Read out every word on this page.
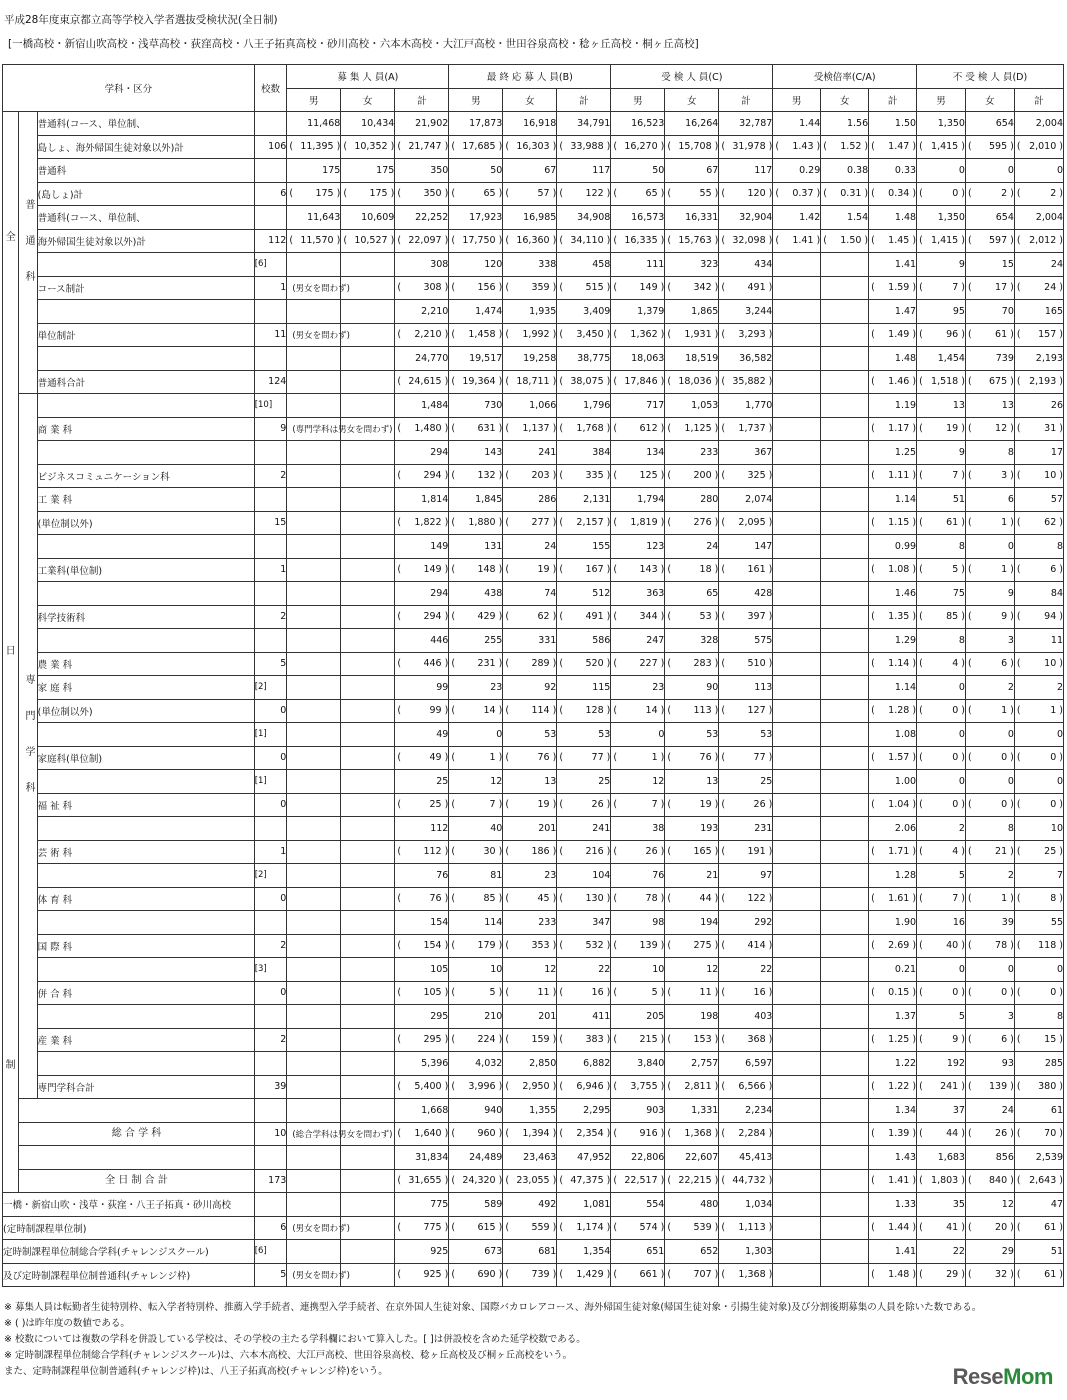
平成28年度東京都立高等学校入学者選抜受検状況(全日制)
[一橋高校・新宿山吹高校・浅草高校・荻窪高校・八王子拓真高校・砂川高校・六本木高校・大江戸高校・世田谷泉高校・稔ヶ丘高校・桐ヶ丘高校]
学科・区分			校数	募 集 人 員(A)			最 終 応 募 人 員(B)			受 検 人 員(C)			受検倍率(C/A)			不 受 検 人 員(D)		
				男	女	計	男	女	計	男	女	計	男	女	計	男	女	計

全
日
制	普通科	普通科(コース、単位制、		11,468	10,434	21,902	17,873	16,918	34,791	16,523	16,264	32,787	1.44	1.56	1.50	1,350	654	2,004
		島しょ、海外帰国生徒対象以外)計	106	( 11,395 )	( 10,352 )	( 21,747 )	( 17,685 )	( 16,303 )	( 33,988 )	( 16,270 )	( 15,708 )	( 31,978 )	( 1.43 )	( 1.52 )	( 1.47 )	( 1,415 )	( 595 )	( 2,010 )
		普通科		175	175	350	50	67	117	50	67	117	0.29	0.38	0.33	0	0	0
		(島しょ)計	6	( 175 )	( 175 )	( 350 )	( 65 )	( 57 )	( 122 )	( 65 )	( 55 )	( 120 )	( 0.37 )	( 0.31 )	( 0.34 )	( 0 )	( 2 )	( 2 )
		普通科(コース、単位制、		11,643	10,609	22,252	17,923	16,985	34,908	16,573	16,331	32,904	1.42	1.54	1.48	1,350	654	2,004
		海外帰国生徒対象以外)計	112	( 11,570 )	( 10,527 )	( 22,097 )	( 17,750 )	( 16,360 )	( 34,110 )	( 16,335 )	( 15,763 )	( 32,098 )	( 1.41 )	( 1.50 )	( 1.45 )	( 1,415 )	( 597 )	( 2,012 )
			[6]			308	120	338	458	111	323	434			1.41	9	15	24
		コース制計	1 (男女を問わず)			( 308 )	( 156 )	( 359 )	( 515 )	( 149 )	( 342 )	( 491 )			( 1.59 )	( 7 )	( 17 )	( 24 )
						2,210	1,474	1,935	3,409	1,379	1,865	3,244			1.47	95	70	165
		単位制計	11 (男女を問わず)			( 2,210 )	( 1,458 )	( 1,992 )	( 3,450 )	( 1,362 )	( 1,931 )	( 3,293 )			( 1.49 )	( 96 )	( 61 )	( 157 )
						24,770	19,517	19,258	38,775	18,063	18,519	36,582			1.48	1,454	739	2,193
		普通科合計	124			( 24,615 )	( 19,364 )	( 18,711 )	( 38,075 )	( 17,846 )	( 18,036 )	( 35,882 )			( 1.46 )	( 1,518 )	( 675 )	( 2,193 )
	専門学科		[10]			1,484	730	1,066	1,796	717	1,053	1,770			1.19	13	13	26
		商 業 科	9 (専門学科は男女を問わず)			( 1,480 )	( 631 )	( 1,137 )	( 1,768 )	( 612 )	( 1,125 )	( 1,737 )			( 1.17 )	( 19 )	( 12 )	( 31 )
						294	143	241	384	134	233	367			1.25	9	8	17
		ビジネスコミュニケーション科	2			( 294 )	( 132 )	( 203 )	( 335 )	( 125 )	( 200 )	( 325 )			( 1.11 )	( 7 )	( 3 )	( 10 )
		工 業 科				1,814	1,845	286	2,131	1,794	280	2,074			1.14	51	6	57
		(単位制以外)	15			( 1,822 )	( 1,880 )	( 277 )	( 2,157 )	( 1,819 )	( 276 )	( 2,095 )			( 1.15 )	( 61 )	( 1 )	( 62 )
						149	131	24	155	123	24	147			0.99	8	0	8
		工業科(単位制)	1			( 149 )	( 148 )	( 19 )	( 167 )	( 143 )	( 18 )	( 161 )			( 1.08 )	( 5 )	( 1 )	( 6 )
						294	438	74	512	363	65	428			1.46	75	9	84
		科学技術科	2			( 294 )	( 429 )	( 62 )	( 491 )	( 344 )	( 53 )	( 397 )			( 1.35 )	( 85 )	( 9 )	( 94 )
						446	255	331	586	247	328	575			1.29	8	3	11
		農 業 科	5			( 446 )	( 231 )	( 289 )	( 520 )	( 227 )	( 283 )	( 510 )			( 1.14 )	( 4 )	( 6 )	( 10 )
		家 庭 科	[2]			99	23	92	115	23	90	113			1.14	0	2	2
		(単位制以外)	0			( 99 )	( 14 )	( 114 )	( 128 )	( 14 )	( 113 )	( 127 )			( 1.28 )	( 0 )	( 1 )	( 1 )
			[1]			49	0	53	53	0	53	53			1.08	0	0	0
		家庭科(単位制)	0			( 49 )	( 1 )	( 76 )	( 77 )	( 1 )	( 76 )	( 77 )			( 1.57 )	( 0 )	( 0 )	( 0 )
			[1]			25	12	13	25	12	13	25			1.00	0	0	0
		福 祉 科	0			( 25 )	( 7 )	( 19 )	( 26 )	( 7 )	( 19 )	( 26 )			( 1.04 )	( 0 )	( 0 )	( 0 )
						112	40	201	241	38	193	231			2.06	2	8	10
		芸 術 科	1			( 112 )	( 30 )	( 186 )	( 216 )	( 26 )	( 165 )	( 191 )			( 1.71 )	( 4 )	( 21 )	( 25 )
			[2]			76	81	23	104	76	21	97			1.28	5	2	7
		体 育 科	0			( 76 )	( 85 )	( 45 )	( 130 )	( 78 )	( 44 )	( 122 )			( 1.61 )	( 7 )	( 1 )	( 8 )
						154	114	233	347	98	194	292			1.90	16	39	55
		国 際 科	2			( 154 )	( 179 )	( 353 )	( 532 )	( 139 )	( 275 )	( 414 )			( 2.69 )	( 40 )	( 78 )	( 118 )
			[3]			105	10	12	22	10	12	22			0.21	0	0	0
		併 合 科	0			( 105 )	( 5 )	( 11 )	( 16 )	( 5 )	( 11 )	( 16 )			( 0.15 )	( 0 )	( 0 )	( 0 )
						295	210	201	411	205	198	403			1.37	5	3	8
		産 業 科	2			( 295 )	( 224 )	( 159 )	( 383 )	( 215 )	( 153 )	( 368 )			( 1.25 )	( 9 )	( 6 )	( 15 )
						5,396	4,032	2,850	6,882	3,840	2,757	6,597			1.22	192	93	285
		専門学科合計	39			( 5,400 )	( 3,996 )	( 2,950 )	( 6,946 )	( 3,755 )	( 2,811 )	( 6,566 )			( 1.22 )	( 241 )	( 139 )	( 380 )
						1,668	940	1,355	2,295	903	1,331	2,234			1.34	37	24	61
	総 合 学 科		10 (総合学科は男女を問わず)			( 1,640 )	( 960 )	( 1,394 )	( 2,354 )	( 916 )	( 1,368 )	( 2,284 )			( 1.39 )	( 44 )	( 26 )	( 70 )
						31,834	24,489	23,463	47,952	22,806	22,607	45,413			1.43	1,683	856	2,539
	全 日 制 合 計		173			( 31,655 )	( 24,320 )	( 23,055 )	( 47,375 )	( 22,517 )	( 22,215 )	( 44,732 )			( 1.41 )	( 1,803 )	( 840 )	( 2,643 )
一橋・新宿山吹・浅草・荻窪・八王子拓真・砂川高校						775	589	492	1,081	554	480	1,034			1.33	35	12	47
(定時制課程単位制)			6 (男女を問わず)			( 775 )	( 615 )	( 559 )	( 1,174 )	( 574 )	( 539 )	( 1,113 )			( 1.44 )	( 41 )	( 20 )	( 61 )
定時制課程単位制総合学科(チャレンジスクール)			[6]			925	673	681	1,354	651	652	1,303			1.41	22	29	51
及び定時制課程単位制普通科(チャレンジ枠)			5 (男女を問わず)			( 925 )	( 690 )	( 739 )	( 1,429 )	( 661 )	( 707 )	( 1,368 )			( 1.48 )	( 29 )	( 32 )	( 61 )
※ 募集人員は転勤者生徒特別枠、転入学者特別枠、推薦入学手続者、連携型入学手続者、在京外国人生徒対象、国際バカロレアコース、海外帰国生徒対象(帰国生徒対象・引揚生徒対象)及び分割後期募集の人員を除いた数である。
※ ( )は昨年度の数値である。
※ 校数については複数の学科を併設している学校は、その学校の主たる学科欄において算入した。[ ]は併設校を含めた延学校数である。
※ 定時制課程単位制総合学科(チャレンジスクール)は、六本木高校、大江戸高校、世田谷泉高校、稔ヶ丘高校及び桐ヶ丘高校をいう。
また、定時制課程単位制普通科(チャレンジ枠)は、八王子拓真高校(チャレンジ枠)をいう。	ReseMom
